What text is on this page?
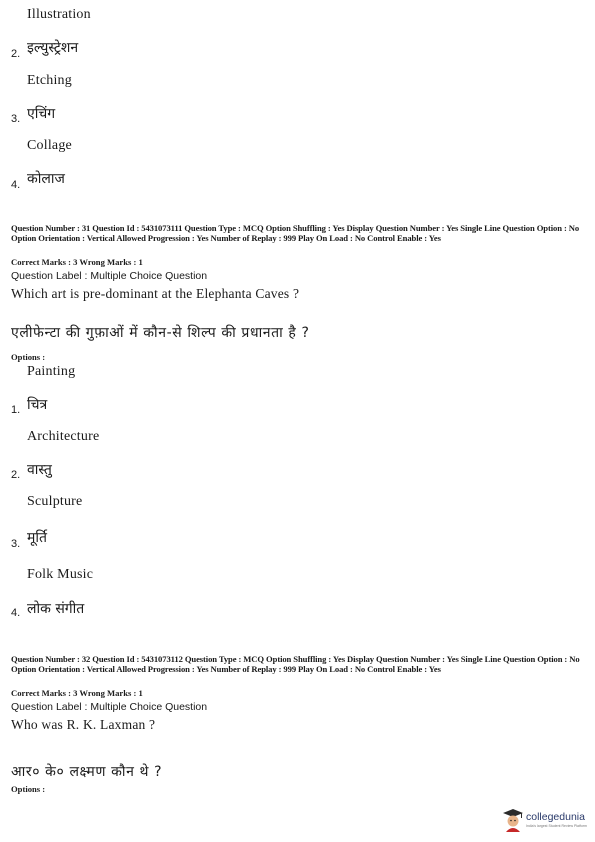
Illustration
2. इल्युस्ट्रेशन
Etching
3. एचिंग
Collage
4. कोलाज
Question Number : 31 Question Id : 5431073111 Question Type : MCQ Option Shuffling : Yes Display Question Number : Yes Single Line Question Option : No Option Orientation : Vertical Allowed Progression : Yes Number of Replay : 999 Play On Load : No Control Enable : Yes
Correct Marks : 3 Wrong Marks : 1
Question Label : Multiple Choice Question
Which art is pre-dominant at the Elephanta Caves ?
एलीफेन्टा की गुफ़ाओं में कौन-से शिल्प की प्रधानता है ?
Options :
Painting
1. चित्र
Architecture
2. वास्तु
Sculpture
3. मूर्ति
Folk Music
4. लोक संगीत
Question Number : 32 Question Id : 5431073112 Question Type : MCQ Option Shuffling : Yes Display Question Number : Yes Single Line Question Option : No Option Orientation : Vertical Allowed Progression : Yes Number of Replay : 999 Play On Load : No Control Enable : Yes
Correct Marks : 3 Wrong Marks : 1
Question Label : Multiple Choice Question
Who was R. K. Laxman ?
आर० के० लक्ष्मण कौन थे ?
Options :
collegedunia
India's largest Student Review Platform
